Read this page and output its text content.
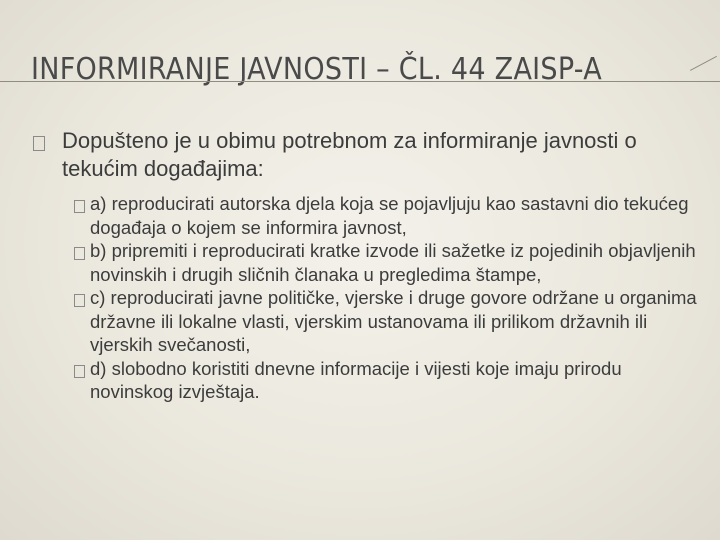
INFORMIRANJE JAVNOSTI – ČL. 44 ZAISP-A
Dopušteno je u obimu potrebnom za informiranje javnosti o tekućim događajima:
a) reproducirati autorska djela koja se pojavljuju kao sastavni dio tekućeg događaja o kojem se informira javnost,
b) pripremiti i reproducirati kratke izvode ili sažetke iz pojedinih objavljenih novinskih i drugih sličnih članaka u pregledima štampe,
c) reproducirati javne političke, vjerske i druge govore održane u organima državne ili lokalne vlasti, vjerskim ustanovama ili prilikom državnih ili vjerskih svečanosti,
d) slobodno koristiti dnevne informacije i vijesti koje imaju prirodu novinskog izvještaja.
